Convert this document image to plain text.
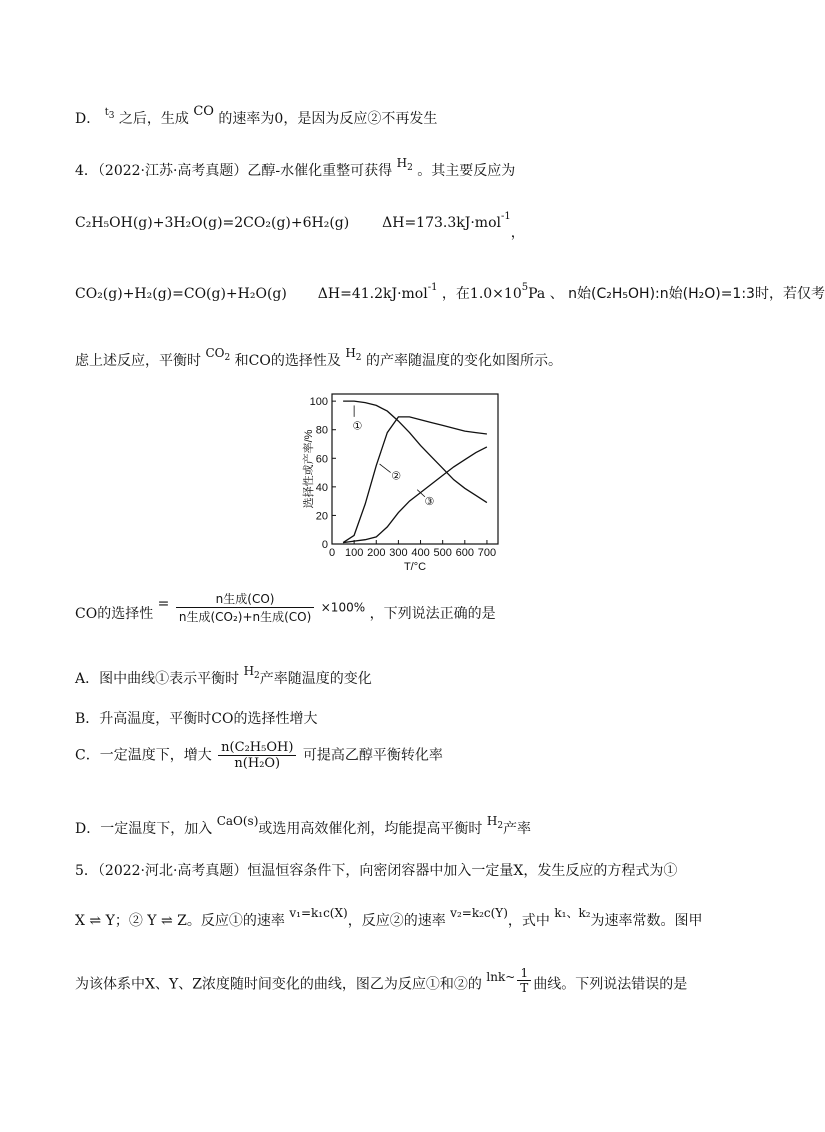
D． $^{t3}$ 之后，生成 CO 的速率为0，是因为反应②不再发生
4．（2022·江苏·高考真题）乙醇-水催化重整可获得 $H_2$ 。其主要反应为
C₂H₅OH(g)+3H₂O(g)=2CO₂(g)+6H₂(g) ΔH=173.3kJ·mol$^{-1}$，
CO₂(g)+H₂(g)=CO(g)+H₂O(g) ΔH=41.2kJ·mol$^{-1}$ ，在$1.0\times 10^5Pa$ 、 n始(C₂H₅OH):n始(H₂O)=1:3时，若仅考
虑上述反应，平衡时 $CO_2$ 和CO的选择性及 $H_2$ 的产率随温度的变化如图所示。
0 100 200 300 400 500 600 700
0
20
40
60
80
100
①
②
③
选择性或产率/%
T/°C
CO的选择性 = $\frac{\text{n生成(CO)}}{\text{n生成(CO₂)+n生成(CO)}} \times 100\%$ ，下列说法正确的是
A．图中曲线①表示平衡时 $H_2$产率随温度的变化
B．升高温度，平衡时CO的选择性增大
C．一定温度下，增大 $\frac{\text{n(C₂H₅OH)}}{\text{n(H₂O)}}$ 可提高乙醇平衡转化率
D．一定温度下，加入 CaO(s)或选用高效催化剂，均能提高平衡时 $H_2$产率
5．（2022·河北·高考真题）恒温恒容条件下，向密闭容器中加入一定量X，发生反应的方程式为①
X ⇌ Y；② Y ⇌ Z。反应①的速率 v₁=k₁c(X)，反应②的速率 v₂=k₂c(Y)，式中 k₁、k₂为速率常数。图甲
为该体系中X、Y、Z浓度随时间变化的曲线，图乙为反应①和②的 lnk~ $\frac{1}{T}$ 曲线。下列说法错误的是
